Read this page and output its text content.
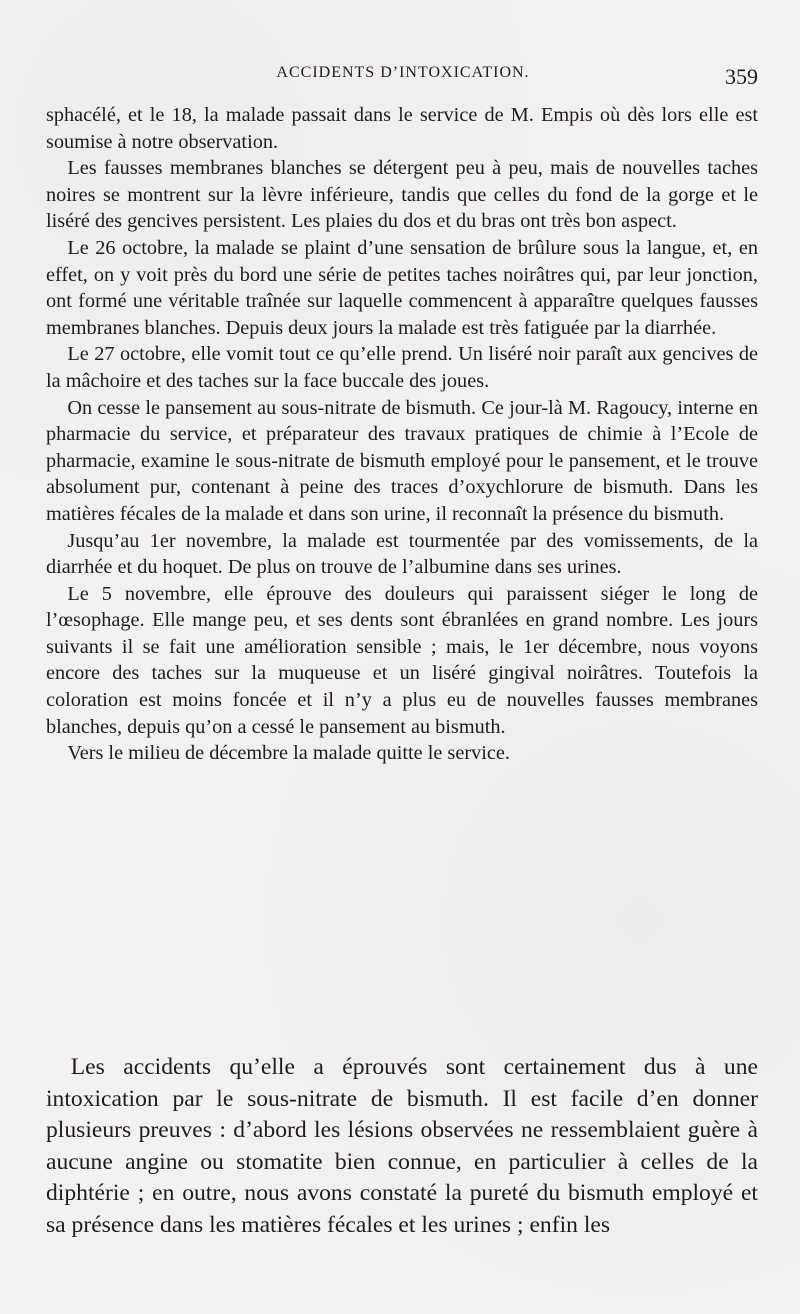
ACCIDENTS D’INTOXICATION.	359

sphacélé, et le 18, la malade passait dans le service de M. Empis où dès lors elle est soumise à notre observation.

Les fausses membranes blanches se détergent peu à peu, mais de nouvelles taches noires se montrent sur la lèvre inférieure, tandis que celles du fond de la gorge et le liséré des gencives persistent. Les plaies du dos et du bras ont très bon aspect.

Le 26 octobre, la malade se plaint d’une sensation de brûlure sous la langue, et, en effet, on y voit près du bord une série de petites taches noirâtres qui, par leur jonction, ont formé une véritable traînée sur laquelle commencent à apparaître quelques fausses membranes blanches. Depuis deux jours la malade est très fatiguée par la diarrhée.

Le 27 octobre, elle vomit tout ce qu’elle prend. Un liséré noir paraît aux gencives de la mâchoire et des taches sur la face buccale des joues.

On cesse le pansement au sous-nitrate de bismuth. Ce jour-là M. Ragoucy, interne en pharmacie du service, et préparateur des travaux pratiques de chimie à l’Ecole de pharmacie, examine le sous-nitrate de bismuth employé pour le pansement, et le trouve absolument pur, contenant à peine des traces d’oxychlorure de bismuth. Dans les matières fécales de la malade et dans son urine, il reconnaît la présence du bismuth.

Jusqu’au 1er novembre, la malade est tourmentée par des vomissements, de la diarrhée et du hoquet. De plus on trouve de l’albumine dans ses urines.

Le 5 novembre, elle éprouve des douleurs qui paraissent siéger le long de l’œsophage. Elle mange peu, et ses dents sont ébranlées en grand nombre. Les jours suivants il se fait une amélioration sensible ; mais, le 1er décembre, nous voyons encore des taches sur la muqueuse et un liséré gingival noirâtres. Toutefois la coloration est moins foncée et il n’y a plus eu de nouvelles fausses membranes blanches, depuis qu’on a cessé le pansement au bismuth.

Vers le milieu de décembre la malade quitte le service.

Les accidents qu’elle a éprouvés sont certainement dus à une intoxication par le sous-nitrate de bismuth. Il est facile d’en donner plusieurs preuves : d’abord les lésions observées ne ressemblaient guère à aucune angine ou stomatite bien connue, en particulier à celles de la diphtérie ; en outre, nous avons constaté la pureté du bismuth employé et sa présence dans les matières fécales et les urines ; enfin les
